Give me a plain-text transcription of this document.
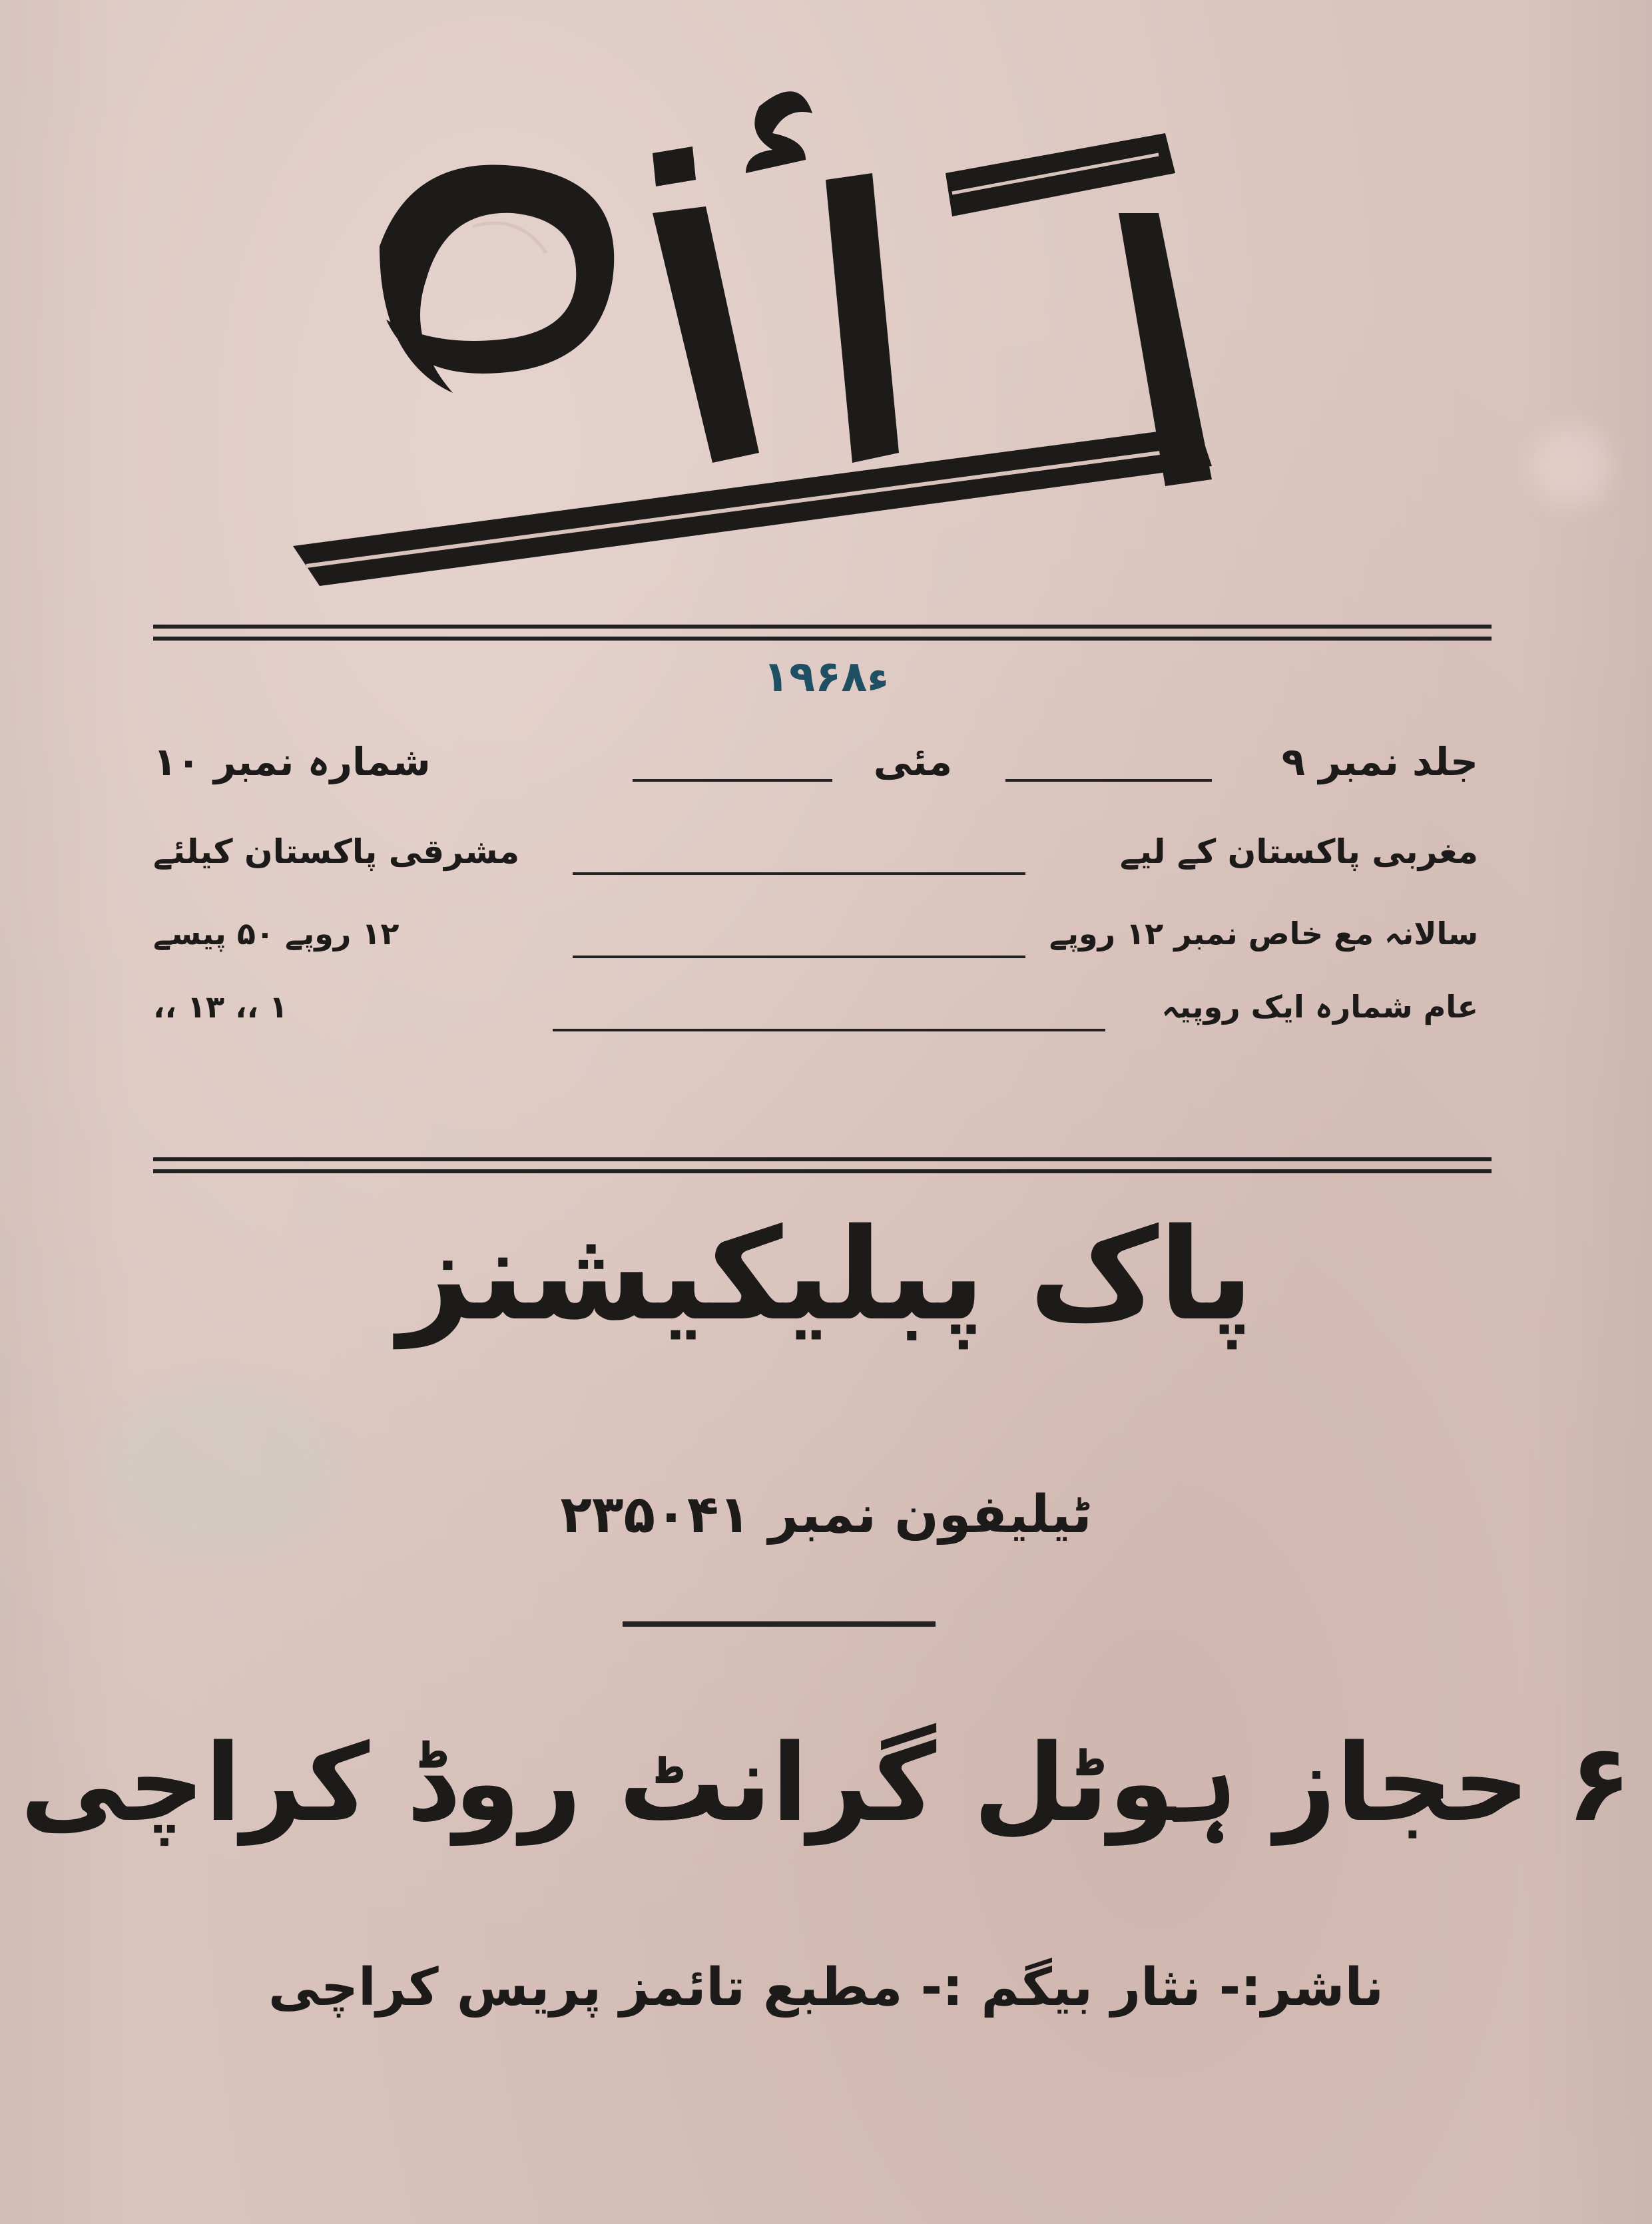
۱۹۶۸ء
جلد نمبر ۹
مئی
شمارہ نمبر ۱۰
مغربی پاکستان کے لیے
مشرقی پاکستان کیلئے
سالانہ مع خاص نمبر ۱۲ روپے
۱۲ روپے ۵۰ پیسے
عام شمارہ ایک روپیہ
۱ ،، ۱۳ ،،
پاک پبلیکیشنز
ٹیلیفون نمبر ۲۳۵۰۴۱
۶ حجاز ہوٹل گرانٹ روڈ کراچی
ناشر:- نثار بیگم :- مطبع تائمز پریس کراچی
